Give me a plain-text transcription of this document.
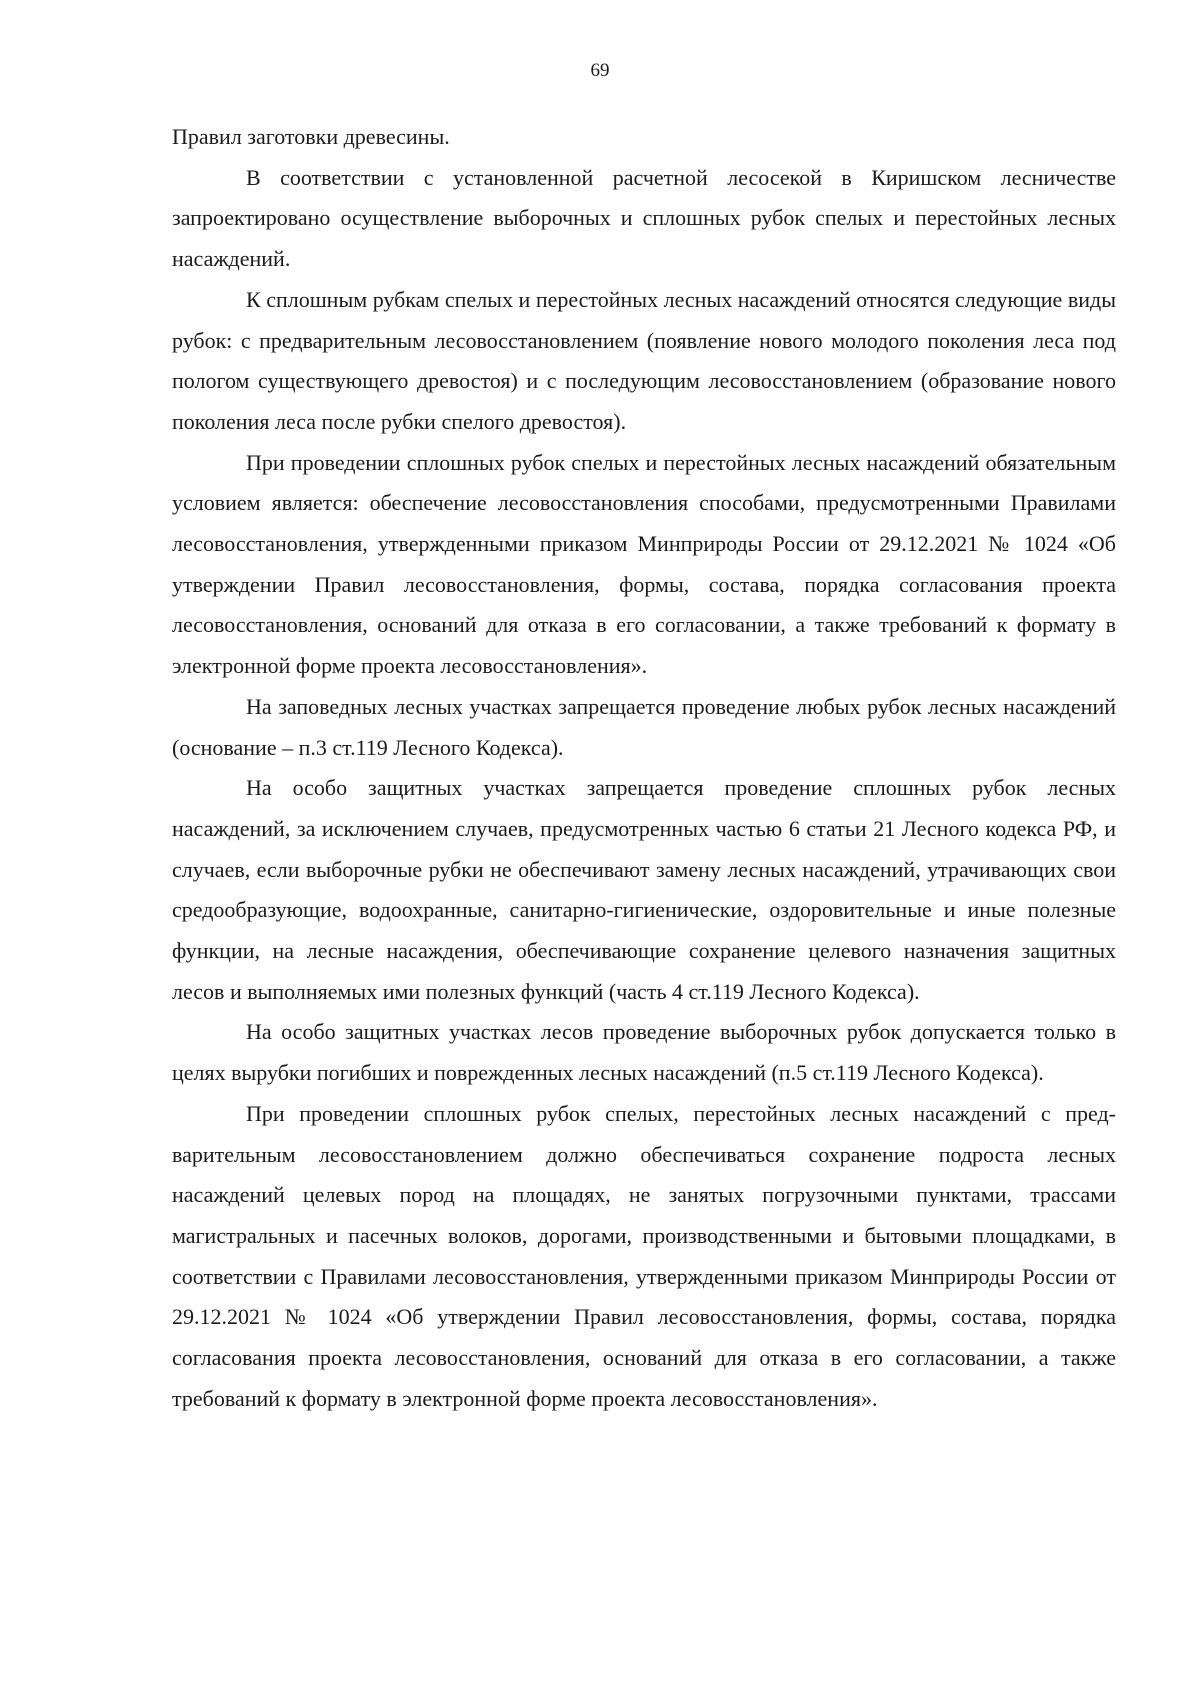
69

Правил заготовки древесины.

В соответствии с установленной расчетной лесосекой в Киришском лесничестве запроектировано осуществление выборочных и сплошных рубок спелых и перестойных лесных насаждений.

К сплошным рубкам спелых и перестойных лесных насаждений относятся следующие виды рубок: с предварительным лесовосстановлением (появление нового молодого поколения леса под пологом существующего древостоя) и с последующим лесовосстановлением (образование нового поколения леса после рубки спелого древостоя).

При проведении сплошных рубок спелых и перестойных лесных насаждений обязательным условием является: обеспечение лесовосстановления способами, предусмотренными Правилами лесовосстановления, утвержденными приказом Минприроды России от 29.12.2021 № 1024 «Об утверждении Правил лесовосстановления, формы, состава, порядка согласования проекта лесовосстановления, оснований для отказа в его согласовании, а также требований к формату в электронной форме проекта лесовосстановления».

На заповедных лесных участках запрещается проведение любых рубок лесных насаждений (основание – п.3 ст.119 Лесного Кодекса).

На особо защитных участках запрещается проведение сплошных рубок лесных насаждений, за исключением случаев, предусмотренных частью 6 статьи 21 Лесного кодекса РФ, и случаев, если выборочные рубки не обеспечивают замену лесных насаждений, утрачивающих свои средообразующие, водоохранные, санитарно-гигиенические, оздоровительные и иные полезные функции, на лесные насаждения, обеспечивающие сохранение целевого назначения защитных лесов и выполняемых ими полезных функций (часть 4 ст.119 Лесного Кодекса).

На особо защитных участках лесов проведение выборочных рубок допускается только в целях вырубки погибших и поврежденных лесных насаждений (п.5 ст.119 Лесного Кодекса).

При проведении сплошных рубок спелых, перестойных лесных насаждений с предварительным лесовосстановлением должно обеспечиваться сохранение подроста лесных насаждений целевых пород на площадях, не занятых погрузочными пунктами, трассами магистральных и пасечных волоков, дорогами, производственными и бытовыми площадками, в соответствии с Правилами лесовосстановления, утвержденными приказом Минприроды России от 29.12.2021 № 1024 «Об утверждении Правил лесовосстановления, формы, состава, порядка согласования проекта лесовосстановления, оснований для отказа в его согласовании, а также требований к формату в электронной форме проекта лесовосстановления».
